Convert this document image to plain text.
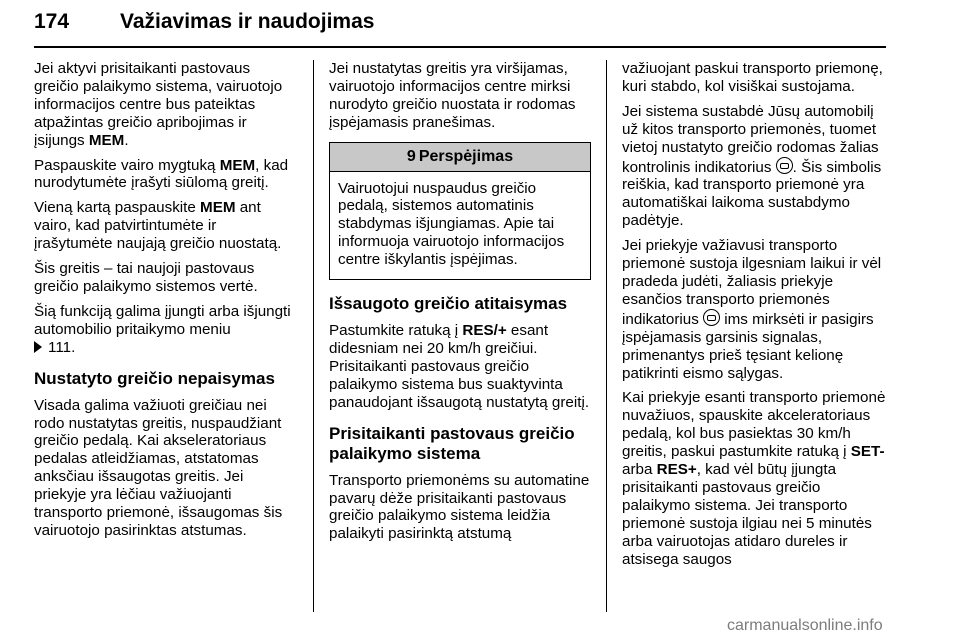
174 Važiavimas ir naudojimas

Jei aktyvi prisitaikanti pastovaus greičio palaikymo sistema, vairuotojo informacijos centre bus pateiktas atpažintas greičio apribojimas ir įsijungs MEM.

Paspauskite vairo mygtuką MEM, kad nurodytumėte įrašyti siūlomą greitį.

Vieną kartą paspauskite MEM ant vairo, kad patvirtintumėte ir įrašytumėte naujają greičio nuostatą.

Šis greitis – tai naujoji pastovaus greičio palaikymo sistemos vertė.

Šią funkciją galima įjungti arba išjungti automobilio pritaikymo meniu
111.

Nustatyto greičio nepaisymas

Visada galima važiuoti greičiau nei rodo nustatytas greitis, nuspaudžiant greičio pedalą. Kai akseleratoriaus pedalas atleidžiamas, atstatomas anksčiau išsaugotas greitis. Jei priekyje yra lėčiau važiuojanti transporto priemonė, išsaugomas šis vairuotojo pasirinktas atstumas.

Jei nustatytas greitis yra viršijamas, vairuotojo informacijos centre mirksi nurodyto greičio nuostata ir rodomas įspėjamasis pranešimas.

9 Perspėjimas
Vairuotojui nuspaudus greičio pedalą, sistemos automatinis stabdymas išjungiamas. Apie tai informuoja vairuotojo informacijos centre iškylantis įspėjimas.
Išsaugoto greičio atitaisymas

Pastumkite ratuką į RES/+ esant didesniam nei 20 km/h greičiui. Prisitaikanti pastovaus greičio palaikymo sistema bus suaktyvinta panaudojant išsaugotą nustatytą greitį.

Prisitaikanti pastovaus greičio palaikymo sistema

Transporto priemonėms su automatine pavarų dėže prisitaikanti pastovaus greičio palaikymo sistema leidžia palaikyti pasirinktą atstumą

važiuojant paskui transporto priemonę, kuri stabdo, kol visiškai sustojama.

Jei sistema sustabdė Jūsų automobilį už kitos transporto priemonės, tuomet vietoj nustatyto greičio rodomas žalias kontrolinis indikatorius . Šis simbolis reiškia, kad transporto priemonė yra automatiškai laikoma sustabdymo padėtyje.

Jei priekyje važiavusi transporto priemonė sustoja ilgesniam laikui ir vėl pradeda judėti, žaliasis priekyje esančios transporto priemonės indikatorius  ims mirksėti ir pasigirs įspėjamasis garsinis signalas, primenantys prieš tęsiant kelionę patikrinti eismo sąlygas.

Kai priekyje esanti transporto priemonė nuvažiuos, spauskite akceleratoriaus pedalą, kol bus pasiektas 30 km/h greitis, paskui pastumkite ratuką į SET- arba RES+, kad vėl būtų įjungta prisitaikanti pastovaus greičio palaikymo sistema. Jei transporto priemonė sustoja ilgiau nei 5 minutės arba vairuotojas atidaro dureles ir atsisega saugos

carmanualsonline.info
